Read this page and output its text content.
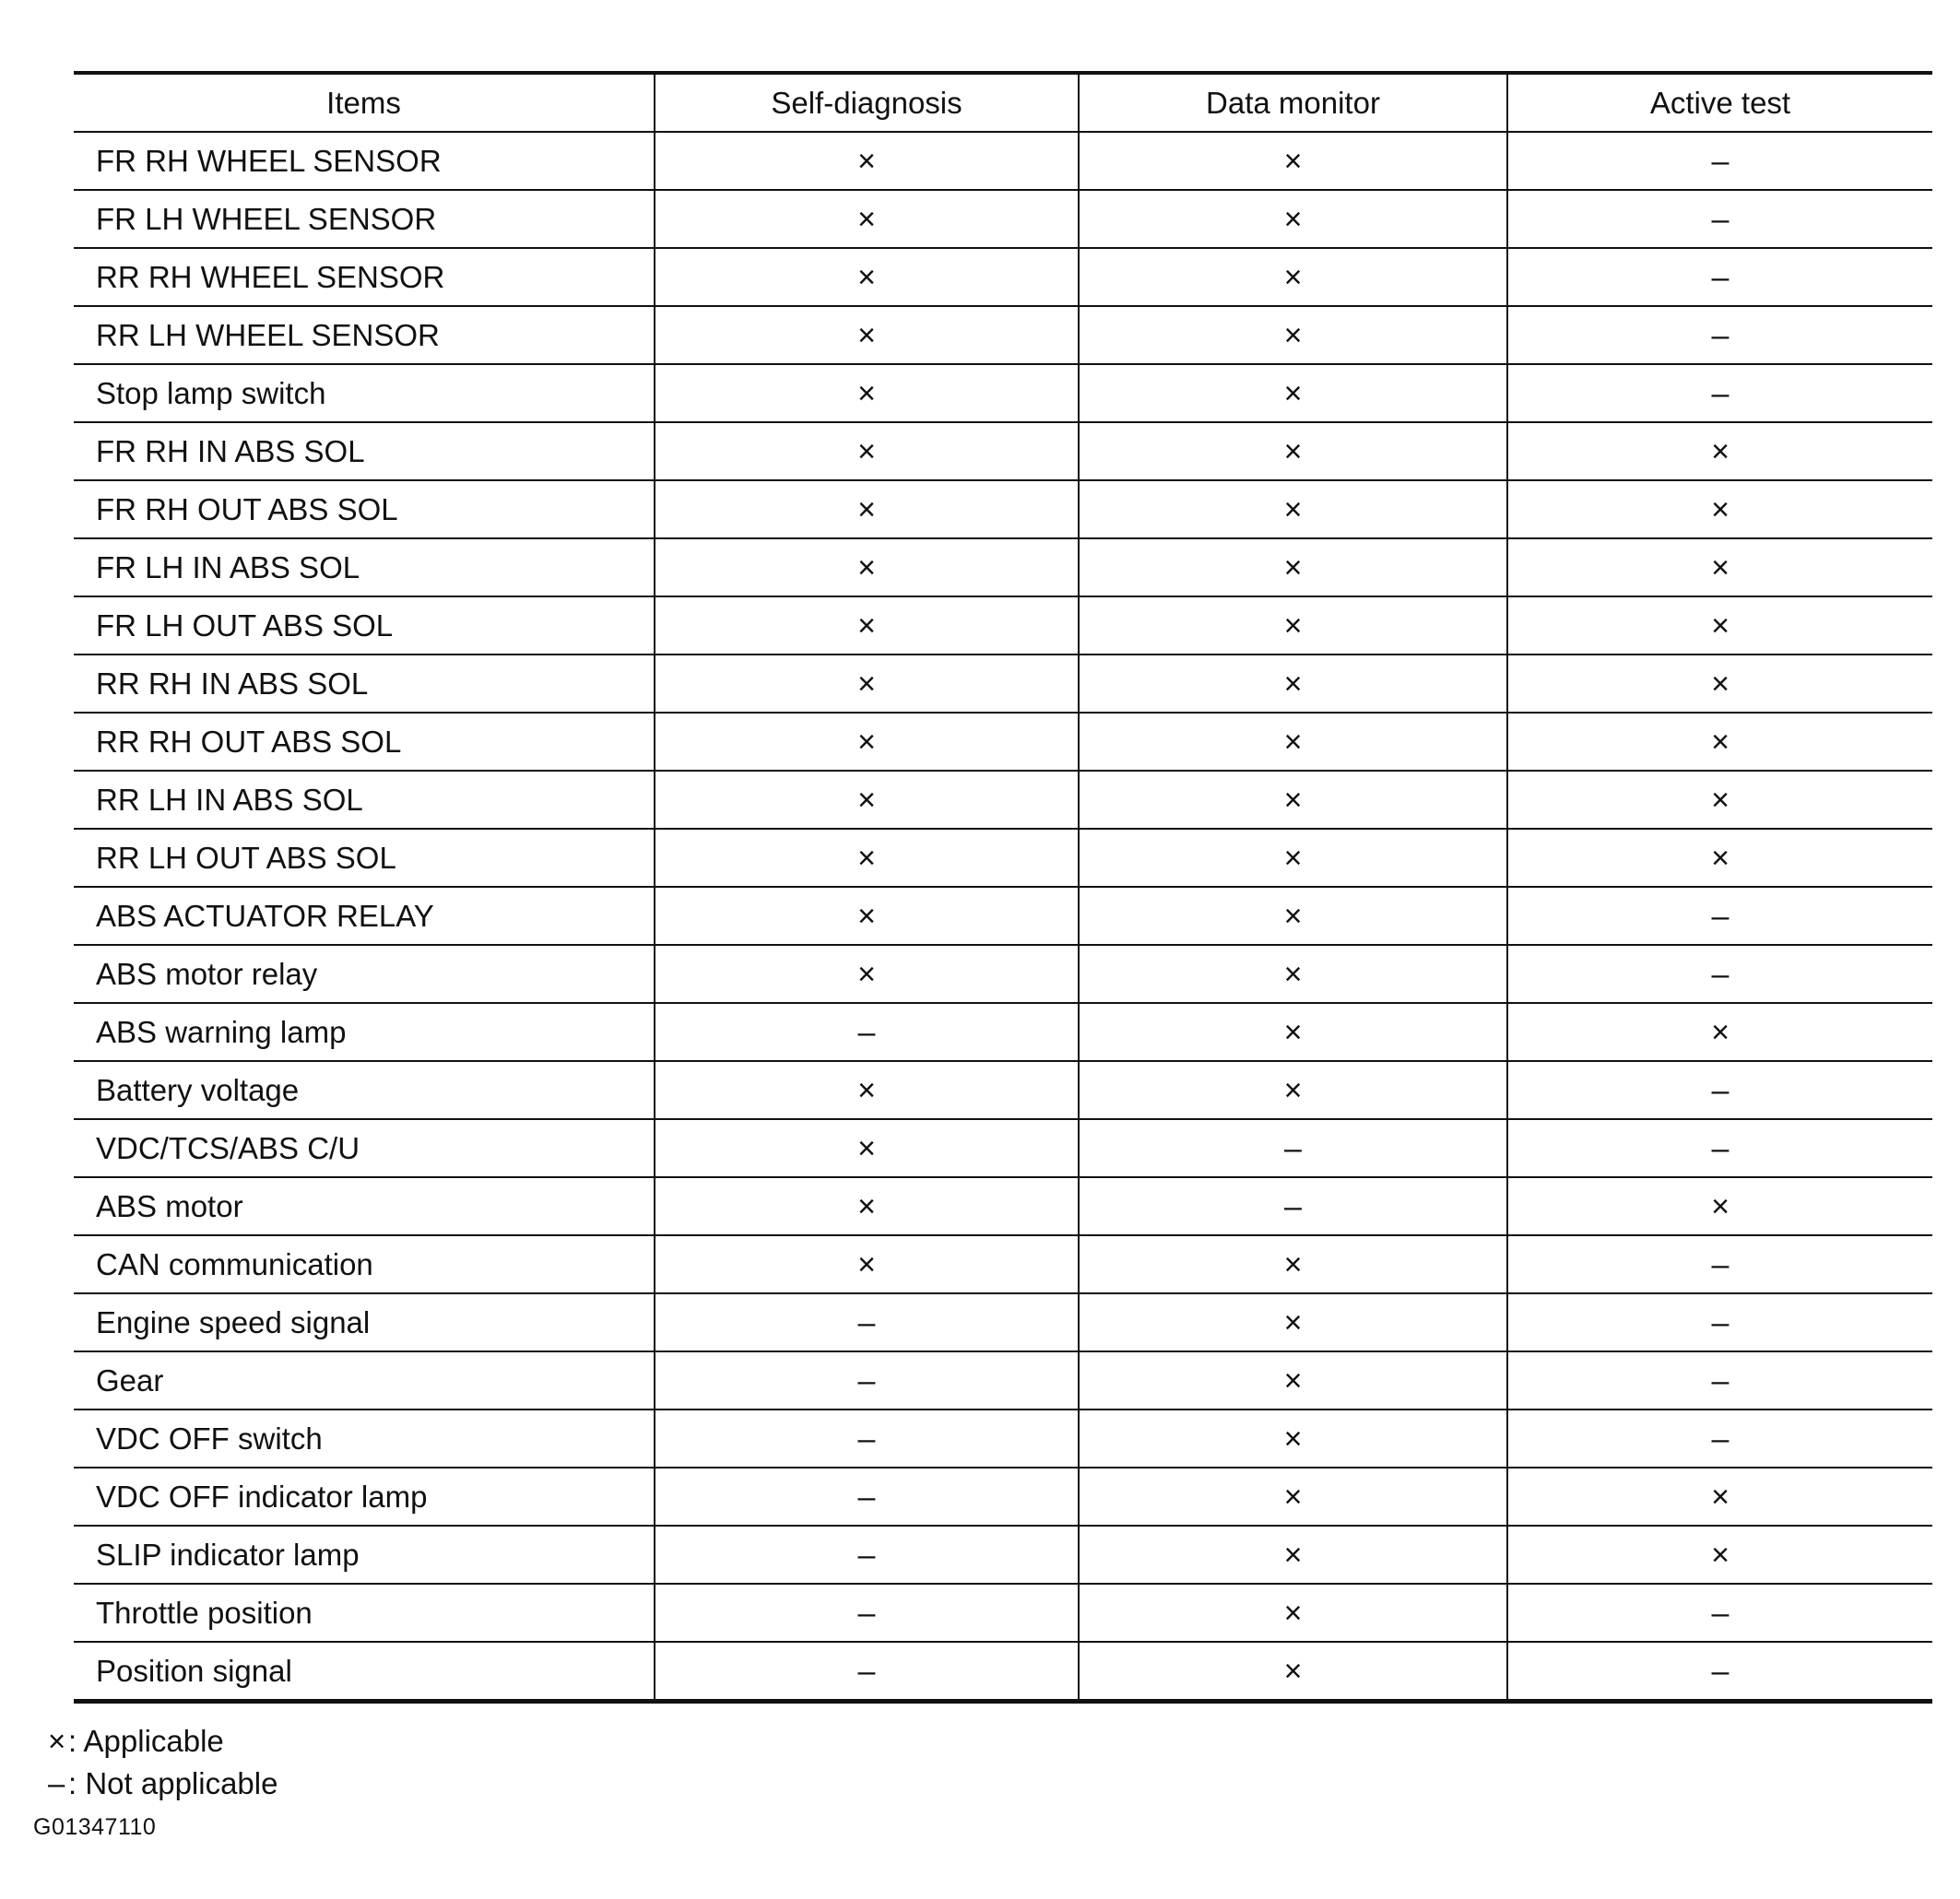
Items	Self-diagnosis	Data monitor	Active test
FR RH WHEEL SENSOR	×	×	–
FR LH WHEEL SENSOR	×	×	–
RR RH WHEEL SENSOR	×	×	–
RR LH WHEEL SENSOR	×	×	–
Stop lamp switch	×	×	–
FR RH IN ABS SOL	×	×	×
FR RH OUT ABS SOL	×	×	×
FR LH IN ABS SOL	×	×	×
FR LH OUT ABS SOL	×	×	×
RR RH IN ABS SOL	×	×	×
RR RH OUT ABS SOL	×	×	×
RR LH IN ABS SOL	×	×	×
RR LH OUT ABS SOL	×	×	×
ABS ACTUATOR RELAY	×	×	–
ABS motor relay	×	×	–
ABS warning lamp	–	×	×
Battery voltage	×	×	–
VDC/TCS/ABS C/U	×	–	–
ABS motor	×	–	×
CAN communication	×	×	–
Engine speed signal	–	×	–
Gear	–	×	–
VDC OFF switch	–	×	–
VDC OFF indicator lamp	–	×	×
SLIP indicator lamp	–	×	×
Throttle position	–	×	–
Position signal	–	×	–
× : Applicable
– : Not applicable
G01347110
